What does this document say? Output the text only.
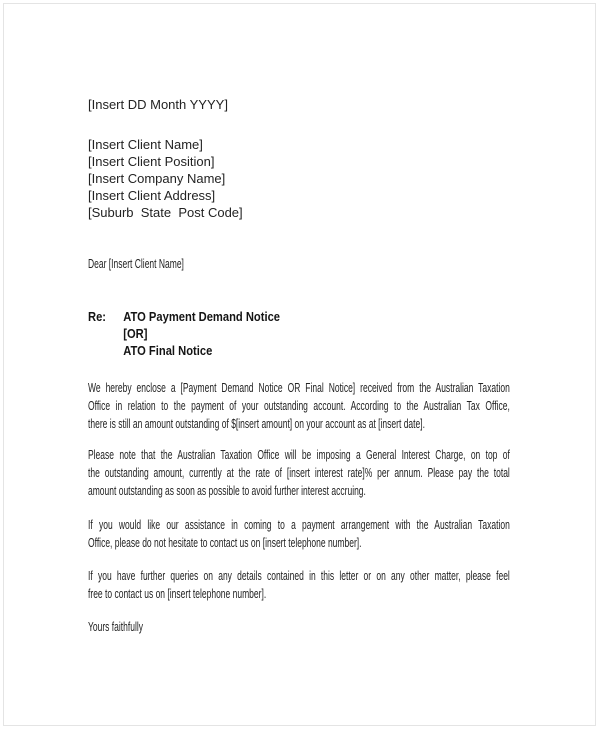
[Insert DD Month YYYY]
[Insert Client Name]
[Insert Client Position]
[Insert Company Name]
[Insert Client Address]
[Suburb  State  Post Code]
Dear [Insert Client Name]
Re:	ATO Payment Demand Notice
[OR]
ATO Final Notice
We hereby enclose a [Payment Demand Notice OR Final Notice] received from the Australian Taxation
Office in relation to the payment of your outstanding account. According to the Australian Tax Office,
there is still an amount outstanding of $[insert amount] on your account as at [insert date].
Please note that the Australian Taxation Office will be imposing a General Interest Charge, on top of
the outstanding amount, currently at the rate of [insert interest rate]% per annum. Please pay the total
amount outstanding as soon as possible to avoid further interest accruing.
If you would like our assistance in coming to a payment arrangement with the Australian Taxation
Office, please do not hesitate to contact us on [insert telephone number].
If you have further queries on any details contained in this letter or on any other matter, please feel
free to contact us on [insert telephone number].
Yours faithfully
